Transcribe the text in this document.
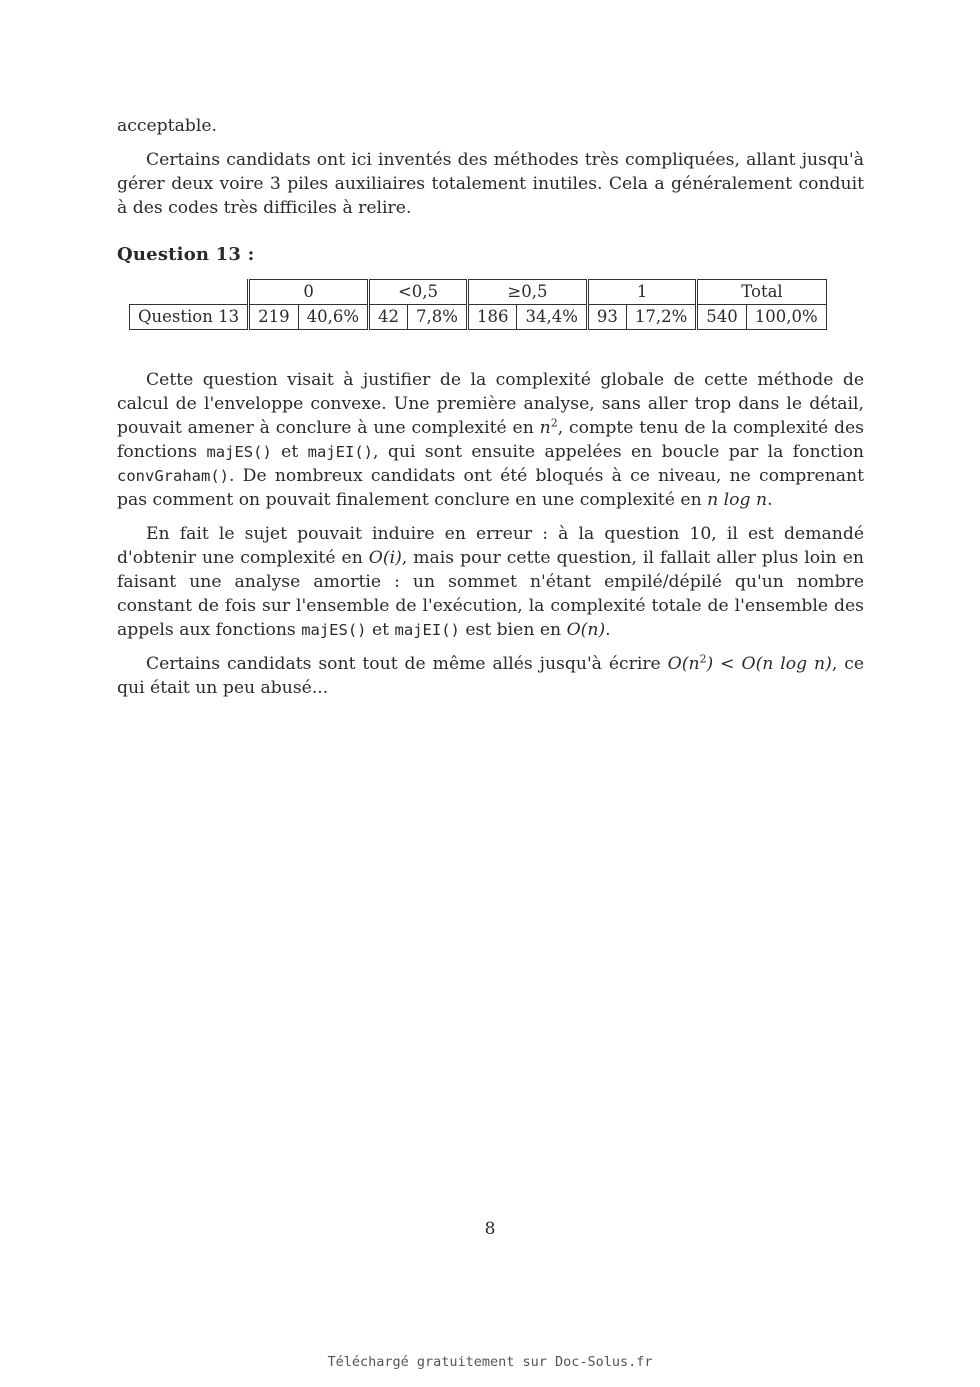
acceptable.

Certains candidats ont ici inventés des méthodes très compliquées, allant jusqu'à gérer deux voire 3 piles auxiliaires totalement inutiles. Cela a généralement conduit à des codes très difficiles à relire.

Question 13 :
	0		<0,5		≥0,5		1		Total	
Question 13	219	40,6%	42	7,8%	186	34,4%	93	17,2%	540	100,0%

Cette question visait à justifier de la complexité globale de cette méthode de calcul de l'enveloppe convexe. Une première analyse, sans aller trop dans le détail, pouvait amener à conclure à une complexité en $n^2$, compte tenu de la complexité des fonctions majES() et majEI(), qui sont ensuite appelées en boucle par la fonction convGraham(). De nombreux candidats ont été bloqués à ce niveau, ne comprenant pas comment on pouvait finalement conclure en une complexité en n log n.

En fait le sujet pouvait induire en erreur : à la question 10, il est demandé d'obtenir une complexité en O(i), mais pour cette question, il fallait aller plus loin en faisant une analyse amortie : un sommet n'étant empilé/dépilé qu'un nombre constant de fois sur l'ensemble de l'exécution, la complexité totale de l'ensemble des appels aux fonctions majES() et majEI() est bien en O(n).

Certains candidats sont tout de même allés jusqu'à écrire $O(n^2) < O(n$ log n), ce qui était un peu abusé...

8
Téléchargé gratuitement sur Doc-Solus.fr
